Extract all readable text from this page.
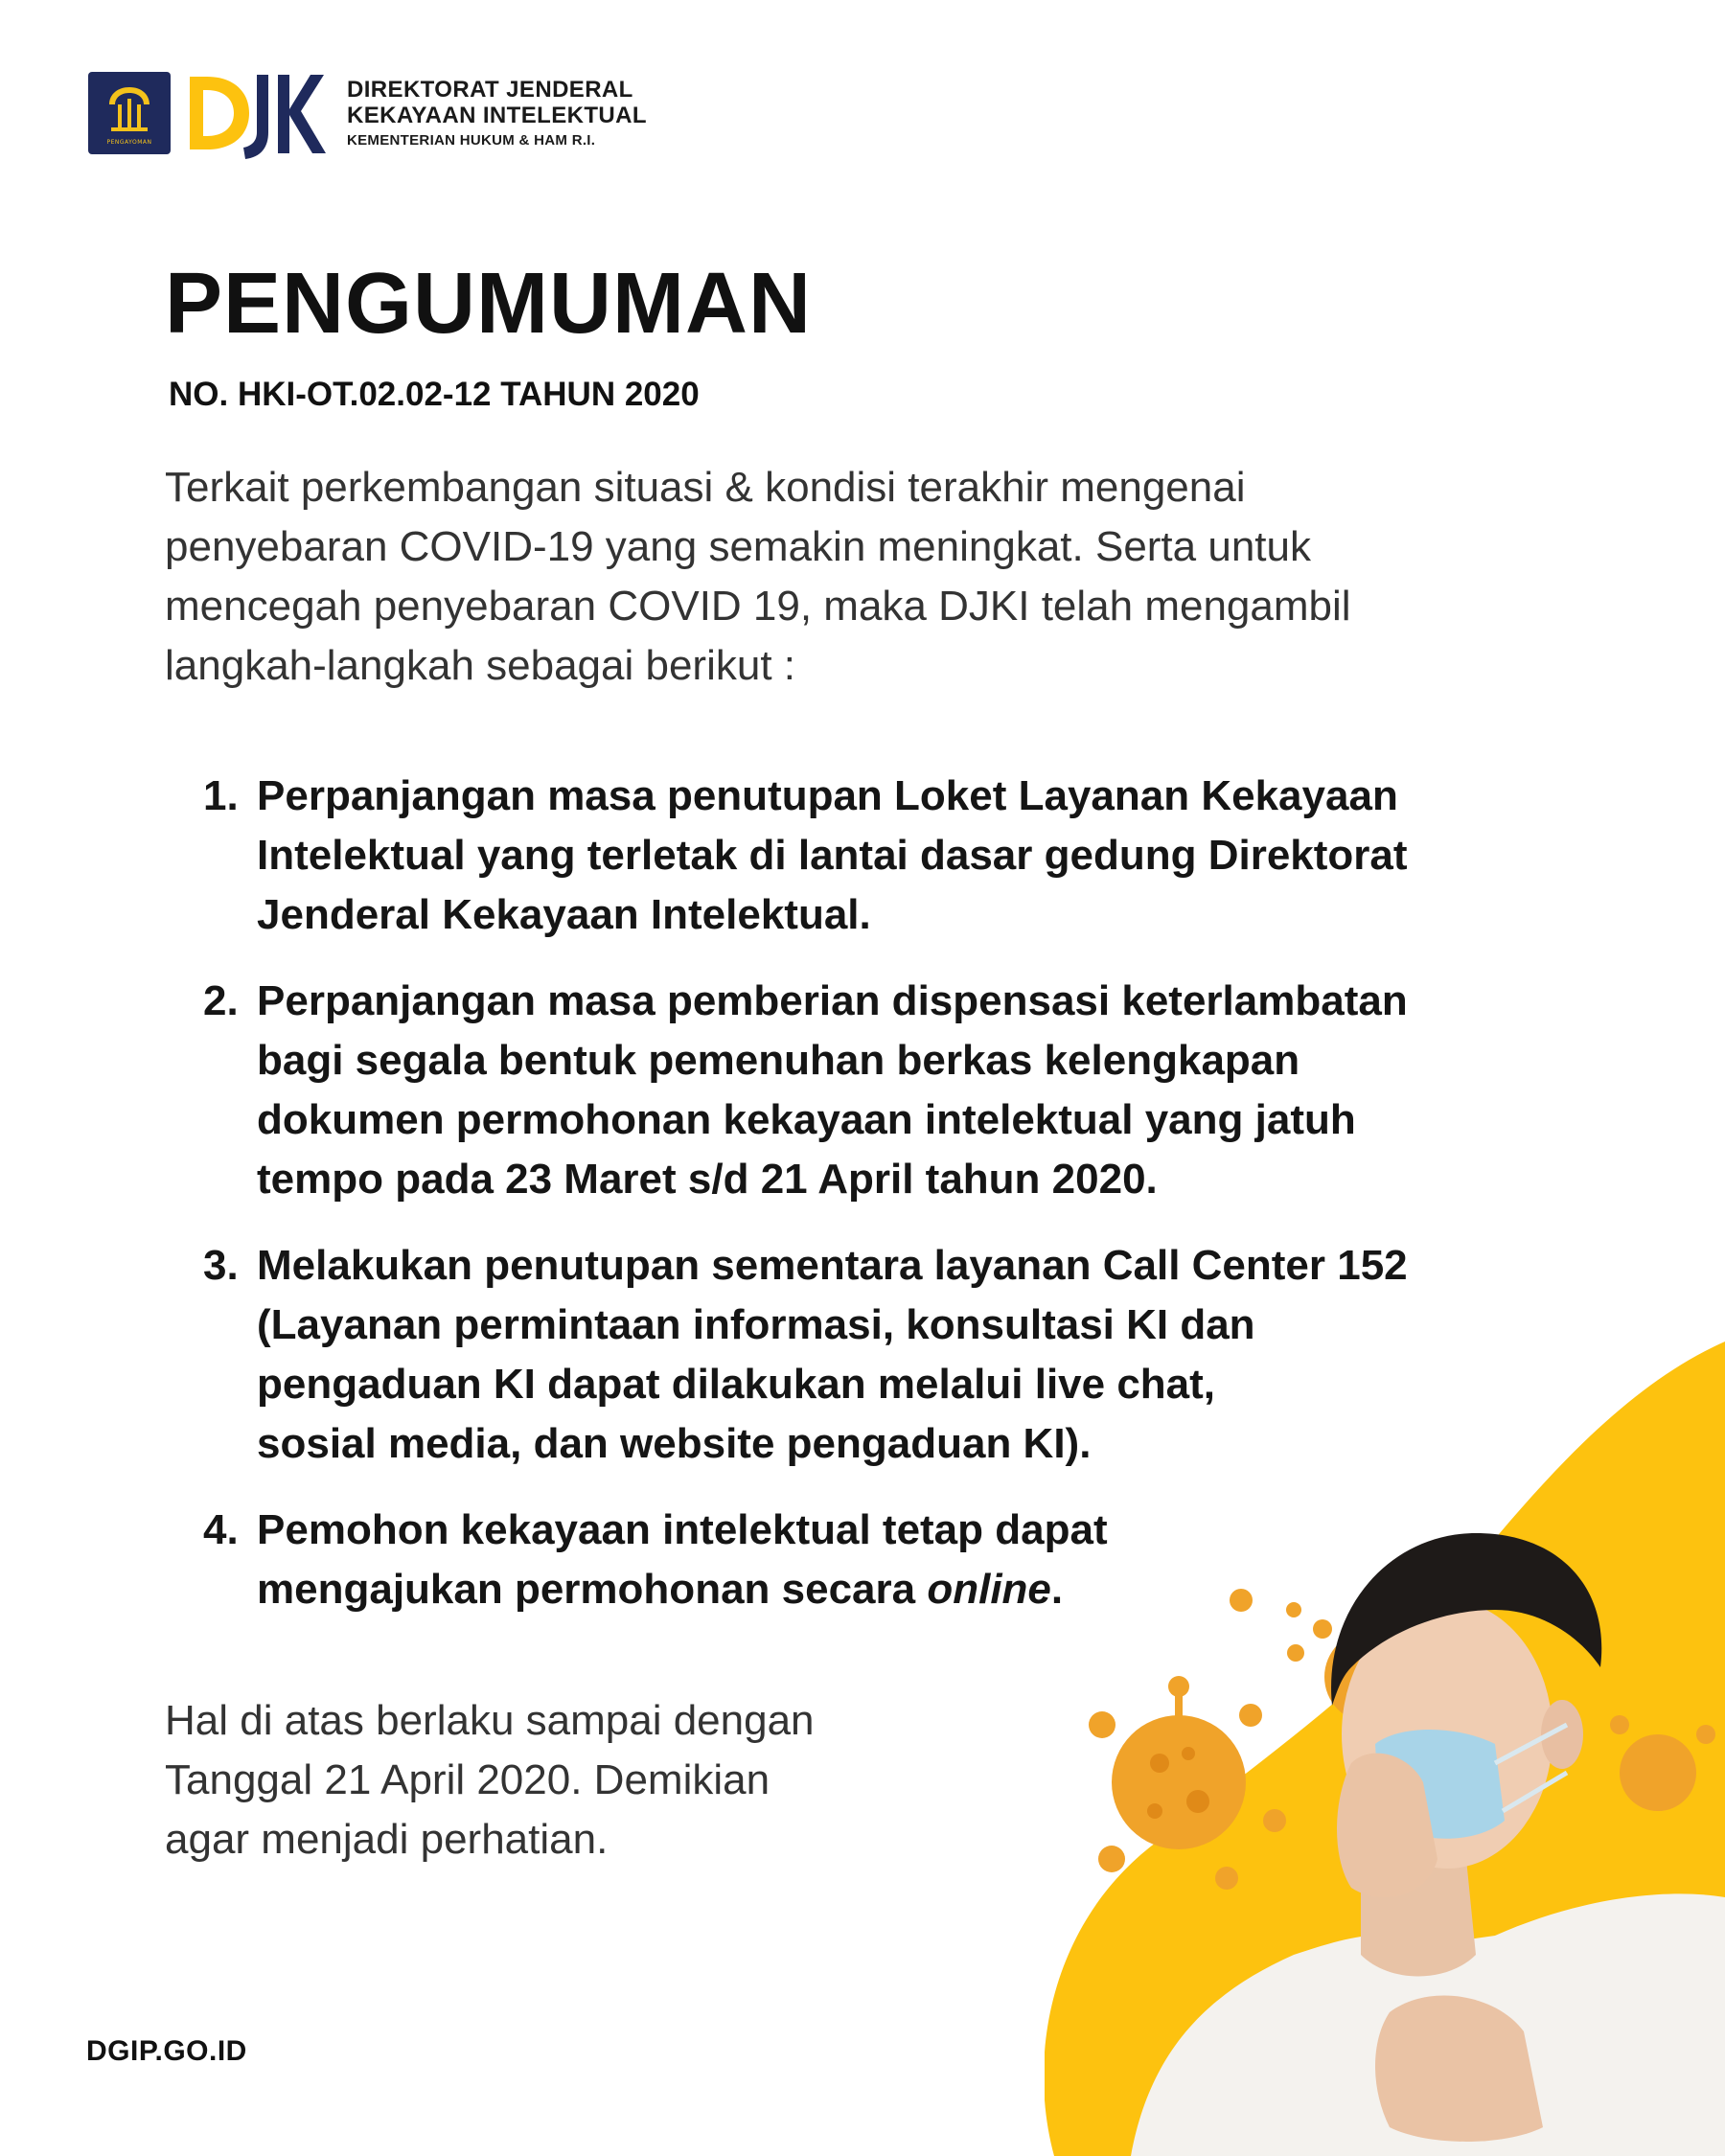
PENGAYOMAN
DIREKTORAT JENDERAL
KEKAYAAN INTELEKTUAL
KEMENTERIAN HUKUM & HAM R.I.
PENGUMUMAN
NO. HKI-OT.02.02-12 TAHUN 2020
Terkait perkembangan situasi & kondisi terakhir mengenai
penyebaran COVID-19 yang semakin meningkat. Serta untuk
mencegah penyebaran COVID 19, maka DJKI telah mengambil
langkah-langkah sebagai berikut :
1. Perpanjangan masa penutupan Loket Layanan Kekayaan
Intelektual yang terletak di lantai dasar gedung Direktorat
Jenderal Kekayaan Intelektual.
2. Perpanjangan masa pemberian dispensasi keterlambatan
bagi segala bentuk pemenuhan berkas kelengkapan
dokumen permohonan kekayaan intelektual yang jatuh
tempo pada 23 Maret s/d 21 April tahun 2020.
3. Melakukan penutupan sementara layanan Call Center 152
(Layanan permintaan informasi, konsultasi KI dan
pengaduan KI dapat dilakukan melalui live chat,
sosial media, dan website pengaduan KI).
4. Pemohon kekayaan intelektual tetap dapat
mengajukan permohonan secara online.
Hal di atas berlaku sampai dengan
Tanggal 21 April 2020. Demikian
agar menjadi perhatian.
DGIP.GO.ID
